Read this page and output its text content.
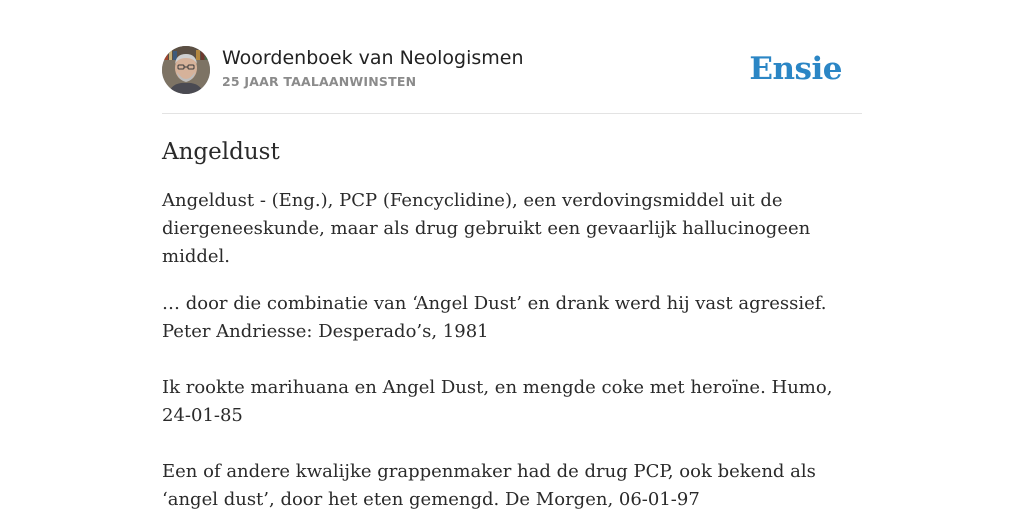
Woordenboek van Neologismen
25 JAAR TAALAANWINSTEN	Ensie
Angeldust

Angeldust - (Eng.), PCP (Fencyclidine), een verdovingsmiddel uit de diergeneeskunde, maar als drug gebruikt een gevaarlijk hallucinogeen middel.

… door die combinatie van ‘Angel Dust’ en drank werd hij vast agressief. Peter Andriesse: Desperado’s, 1981

Ik rookte marihuana en Angel Dust, en mengde coke met heroïne. Humo, 24-01-85

Een of andere kwalijke grappenmaker had de drug PCP, ook bekend als ‘angel dust’, door het eten gemengd. De Morgen, 06-01-97
